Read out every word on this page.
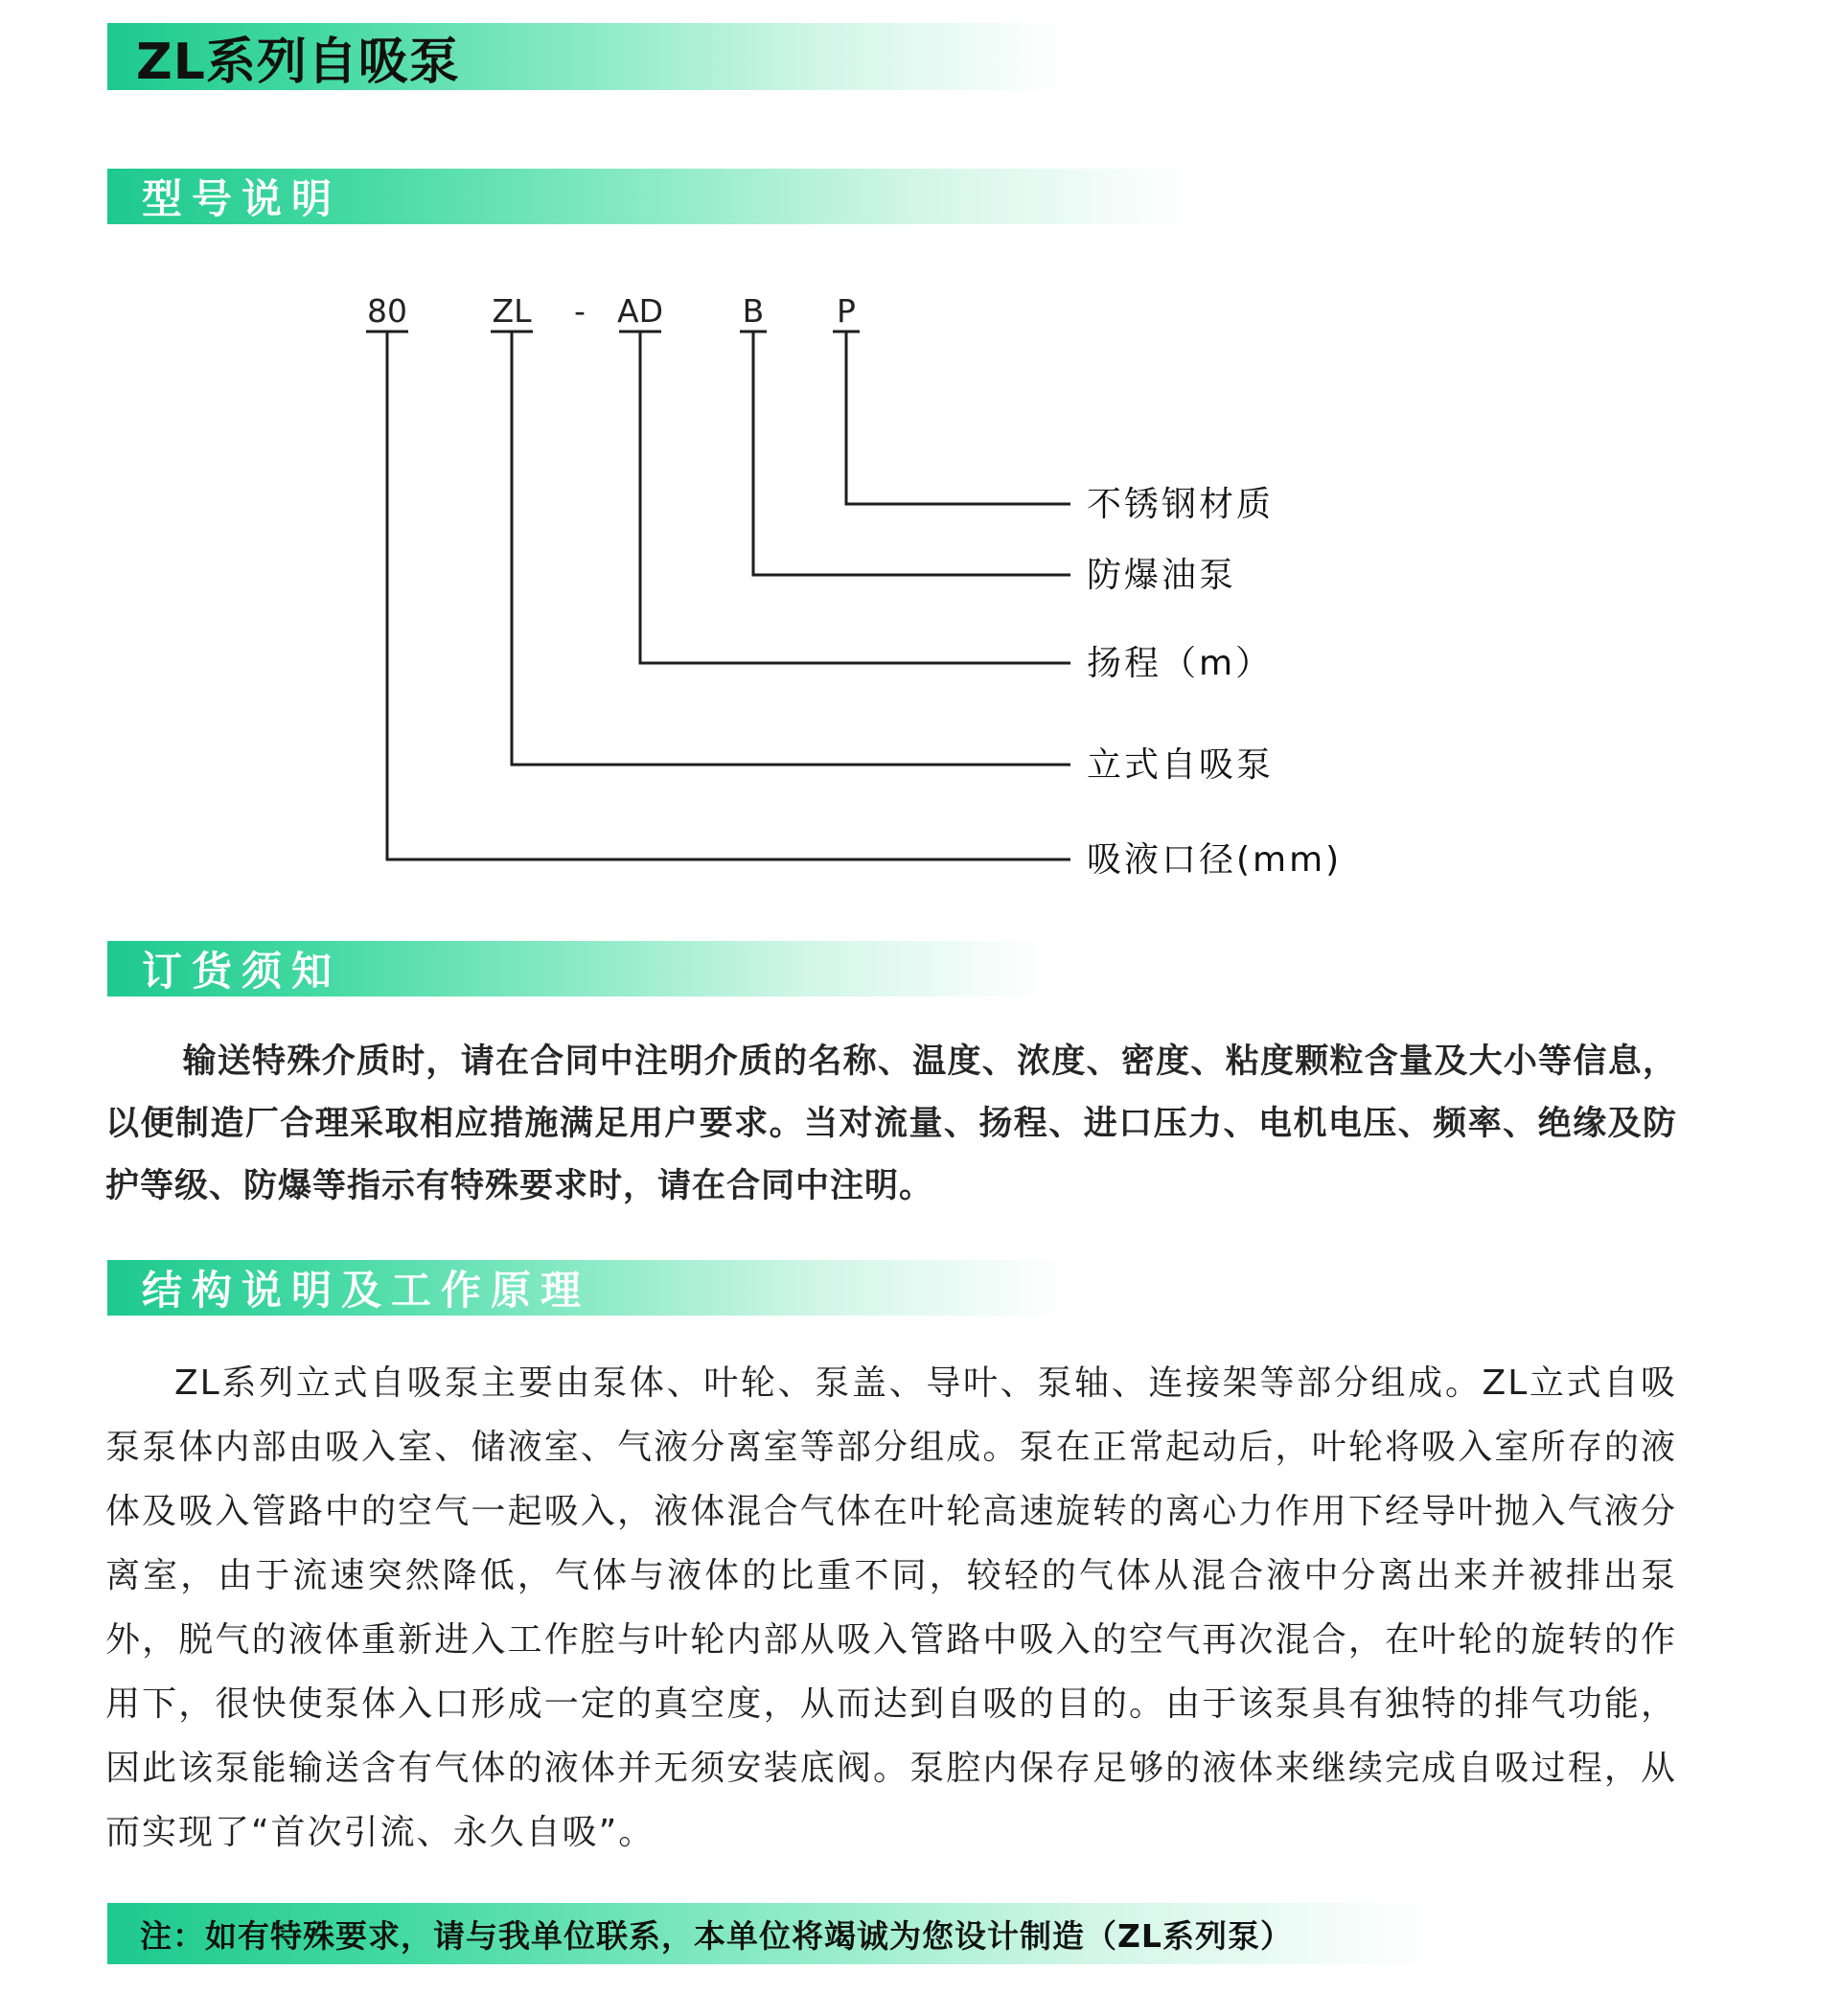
ZL系列自吸泵
型号说明
80	ZL - AD	B P
不锈钢材质
防爆油泵
扬程（m）
立式自吸泵
吸液口径(mm)
订货须知

输送特殊介质时，请在合同中注明介质的名称、温度、浓度、密度、粘度颗粒含量及大小等信息，以便制造厂合理采取相应措施满足用户要求。当对流量、扬程、进口压力、电机电压、频率、绝缘及防护等级、防爆等指示有特殊要求时，请在合同中注明。

结构说明及工作原理

ZL系列立式自吸泵主要由泵体、叶轮、泵盖、导叶、泵轴、连接架等部分组成。ZL立式自吸泵泵体内部由吸入室、储液室、气液分离室等部分组成。泵在正常起动后，叶轮将吸入室所存的液体及吸入管路中的空气一起吸入，液体混合气体在叶轮高速旋转的离心力作用下经导叶抛入气液分离室，由于流速突然降低，气体与液体的比重不同，较轻的气体从混合液中分离出来并被排出泵外，脱气的液体重新进入工作腔与叶轮内部从吸入管路中吸入的空气再次混合，在叶轮的旋转的作用下，很快使泵体入口形成一定的真空度，从而达到自吸的目的。由于该泵具有独特的排气功能，因此该泵能输送含有气体的液体并无须安装底阀。泵腔内保存足够的液体来继续完成自吸过程，从而实现了“首次引流、永久自吸”。

注：如有特殊要求，请与我单位联系，本单位将竭诚为您设计制造（ZL系列泵）
